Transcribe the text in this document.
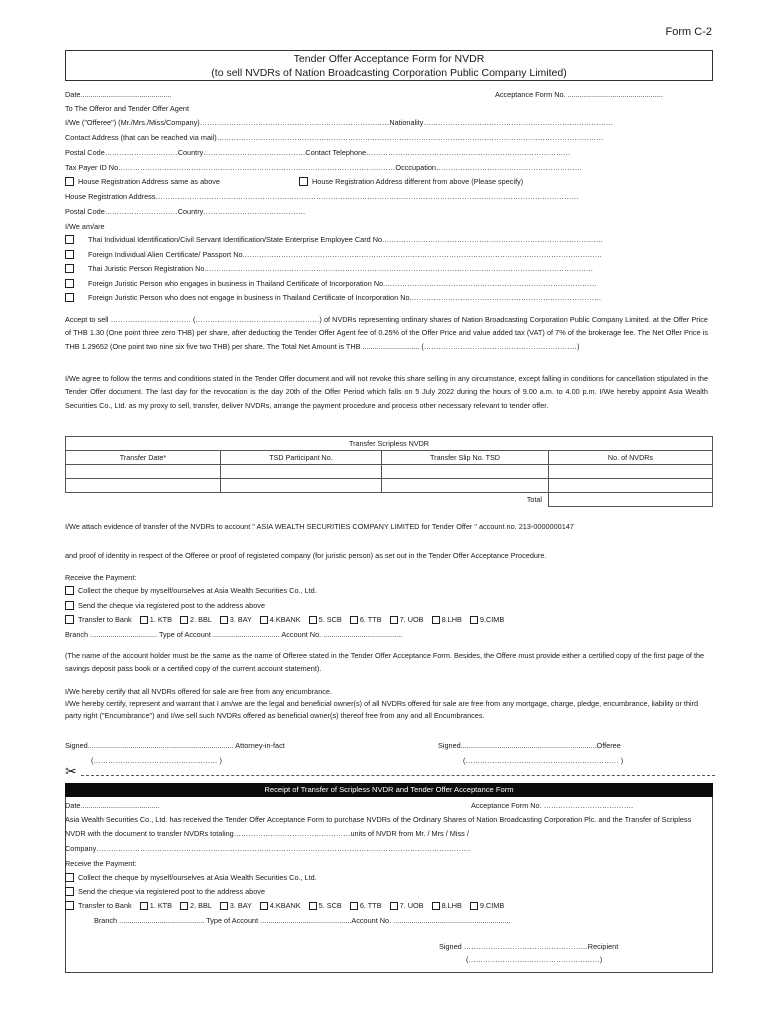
Form C-2
Tender Offer Acceptance Form for NVDR
(to sell NVDRs of Nation Broadcasting Corporation Public Company Limited)
Date.............................................	Acceptance Form No. ...............................................
To The Offeror and Tender Offer Agent
I/We ("Offeree") (Mr./Mrs./Miss/Company)……………………………………………………………………Nationality……………………………………………………………………
Contact Address (that can be reached via mail)……………………………………………………………………………………………………………………………………………
Postal Code…………………………Country……………………………………Contact Telephone…………………………………………………………………………
Tax Payer ID No……………………………………………………………………………………………………Occcupation……………………………………………………
House Registration Address same as above	House Registration Address different from above (Please specify)
House Registration Address…………………………………………………………………………………………………………………………………………………………
Postal Code…………………………Country……………………………………
I/We am/are
Thai Individual Identification/Civil Servant Identification/State Enterprise Employee Card No.………………………………………………………………………………
Foreign Individual Alien Certificate/ Passport No.…………………………………………………………………………………………………………………………………
Thai Juristic Person Registration No.……………………………………………………………………………………………………………………………………………
Foreign Juristic Person who engages in business in Thailand Certificate of Incorporation No.……………………………………………………………………………
Foreign Juristic Person who does not engage in business in Thailand Certificate of Incorporation No.……………………………………………………………………
Accept to sell …………………………… (……………………………………………) of NVDRs representing ordinary shares of Nation Broadcasting Corporation Public Company Limited. at the Offer Price of THB 1.30 (One point three zero THB) per share, after deducting the Tender Offer Agent fee of 0.25% of the Offer Price and value added tax (VAT) of 7% of the brokerage fee. The Net Offer Price is THB 1.29652 (One point two nine six five two THB) per share. The Total Net Amount is THB ............................ (………………………………………………………)
I/We agree to follow the terms and conditions stated in the Tender Offer document and will not revoke this share selling in any circumstance, except falling in conditions for cancellation stipulated in the Tender Offer document. The last day for the revocation is the day 20th of the Offer Period which falls on 5 July 2022 during the hours of 9.00 a.m. to 4.00 p.m. I/We hereby appoint Asia Wealth Securities Co., Ltd. as my proxy to sell, transfer, deliver NVDRs, arrange the payment procedure and process other necessary relevant to tender offer.
Transfer Scripless NVDR			
Transfer Date*	TSD Participant No.	Transfer Slip No. TSD	No. of NVDRs

		Total	
I/We attach evidence of transfer of the NVDRs to account " ASIA WEALTH SECURITIES COMPANY LIMITED for Tender Offer " account no. 213-0000000147
and proof of identity in respect of the Offeree or proof of registered company (for juristic person) as set out in the Tender Offer Acceptance Procedure.
Receive the Payment:
Collect the cheque by myself/ourselves at Asia Wealth Securities Co., Ltd.
Send the cheque via registered post to the address above
Transfer to Bank 1. KTB 2. BBL 3. BAY 4.KBANK 5. SCB 6. TTB 7. UOB 8.LHB 9.CIMB
Branch ................................. Type of Account ................................. Account No. .......................................
(The name of the account holder must be the same as the name of Offeree stated in the Tender Offer Acceptance Form. Besides, the Offere must provide either a certified copy of the first page of the savings deposit pass book or a certified copy of the current account statement).
I/We hereby certify that all NVDRs offered for sale are free from any encumbrance.
I/We hereby certify, represent and warrant that I am/we are the legal and beneficial owner(s) of all NVDRs offered for sale are free from any mortgage, charge, pledge, encumbrance, liability or third party right ("Encumbrance") and I/we sell such NVDRs offered as beneficial owner(s) thereof free from any and all Encumbrances.
Signed........................................................................ Attorney-in-fact	Signed...................................................................Offeree
(…………………………………………… )	(……………………………………………………… )
✂
Receipt of Transfer of Scripless NVDR and Tender Offer Acceptance Form
Date.......................................	Acceptance Form No. ……………………………….
Asia Wealth Securities Co., Ltd. has received the Tender Offer Acceptance Form to purchase NVDRs of the Ordinary Shares of Nation Broadcasting Corporation Plc. and the Transfer of Scripless NVDR with the document to transfer NVDRs totaling…………………………………………units of NVDR from Mr. / Mrs / Miss / Company……………………………………………………………………………………………………………………………………….
Receive the Payment:
Collect the cheque by myself/ourselves at Asia Wealth Securities Co., Ltd.
Send the cheque via registered post to the address above
Transfer to Bank 1. KTB 2. BBL 3. BAY 4.KBANK 5. SCB 6. TTB 7. UOB 8.LHB 9.CIMB
Branch .......................................... Type of Account .............................................Account No. ..........................................................
Signed ……………………………………………Recipient
(………………………………………………)
